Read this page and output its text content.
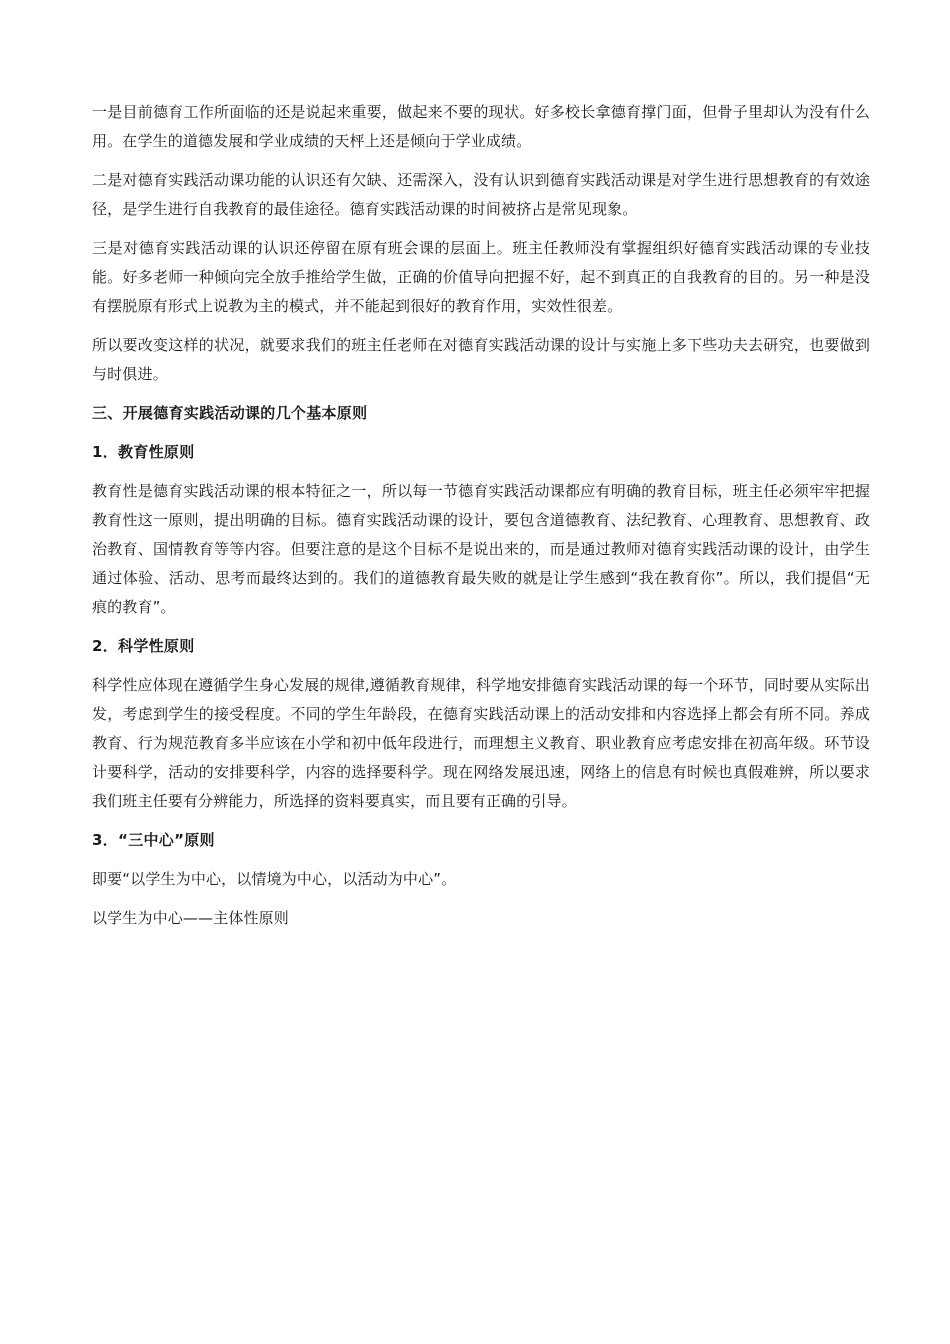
一是目前德育工作所面临的还是说起来重要，做起来不要的现状。好多校长拿德育撑门面，但骨子里却认为没有什么用。在学生的道德发展和学业成绩的天枰上还是倾向于学业成绩。

二是对德育实践活动课功能的认识还有欠缺、还需深入，没有认识到德育实践活动课是对学生进行思想教育的有效途径，是学生进行自我教育的最佳途径。德育实践活动课的时间被挤占是常见现象。

三是对德育实践活动课的认识还停留在原有班会课的层面上。班主任教师没有掌握组织好德育实践活动课的专业技能。好多老师一种倾向完全放手推给学生做，正确的价值导向把握不好，起不到真正的自我教育的目的。另一种是没有摆脱原有形式上说教为主的模式，并不能起到很好的教育作用，实效性很差。

所以要改变这样的状况，就要求我们的班主任老师在对德育实践活动课的设计与实施上多下些功夫去研究，也要做到与时俱进。

三、开展德育实践活动课的几个基本原则

1．教育性原则

教育性是德育实践活动课的根本特征之一，所以每一节德育实践活动课都应有明确的教育目标，班主任必须牢牢把握教育性这一原则，提出明确的目标。德育实践活动课的设计，要包含道德教育、法纪教育、心理教育、思想教育、政治教育、国情教育等等内容。但要注意的是这个目标不是说出来的，而是通过教师对德育实践活动课的设计，由学生通过体验、活动、思考而最终达到的。我们的道德教育最失败的就是让学生感到“我在教育你”。所以，我们提倡“无痕的教育”。

2．科学性原则

科学性应体现在遵循学生身心发展的规律,遵循教育规律，科学地安排德育实践活动课的每一个环节，同时要从实际出发，考虑到学生的接受程度。不同的学生年龄段，在德育实践活动课上的活动安排和内容选择上都会有所不同。养成教育、行为规范教育多半应该在小学和初中低年段进行，而理想主义教育、职业教育应考虑安排在初高年级。环节设计要科学，活动的安排要科学，内容的选择要科学。现在网络发展迅速，网络上的信息有时候也真假难辨，所以要求我们班主任要有分辨能力，所选择的资料要真实，而且要有正确的引导。

3．“三中心”原则

即要“以学生为中心，以情境为中心，以活动为中心”。

以学生为中心——主体性原则
